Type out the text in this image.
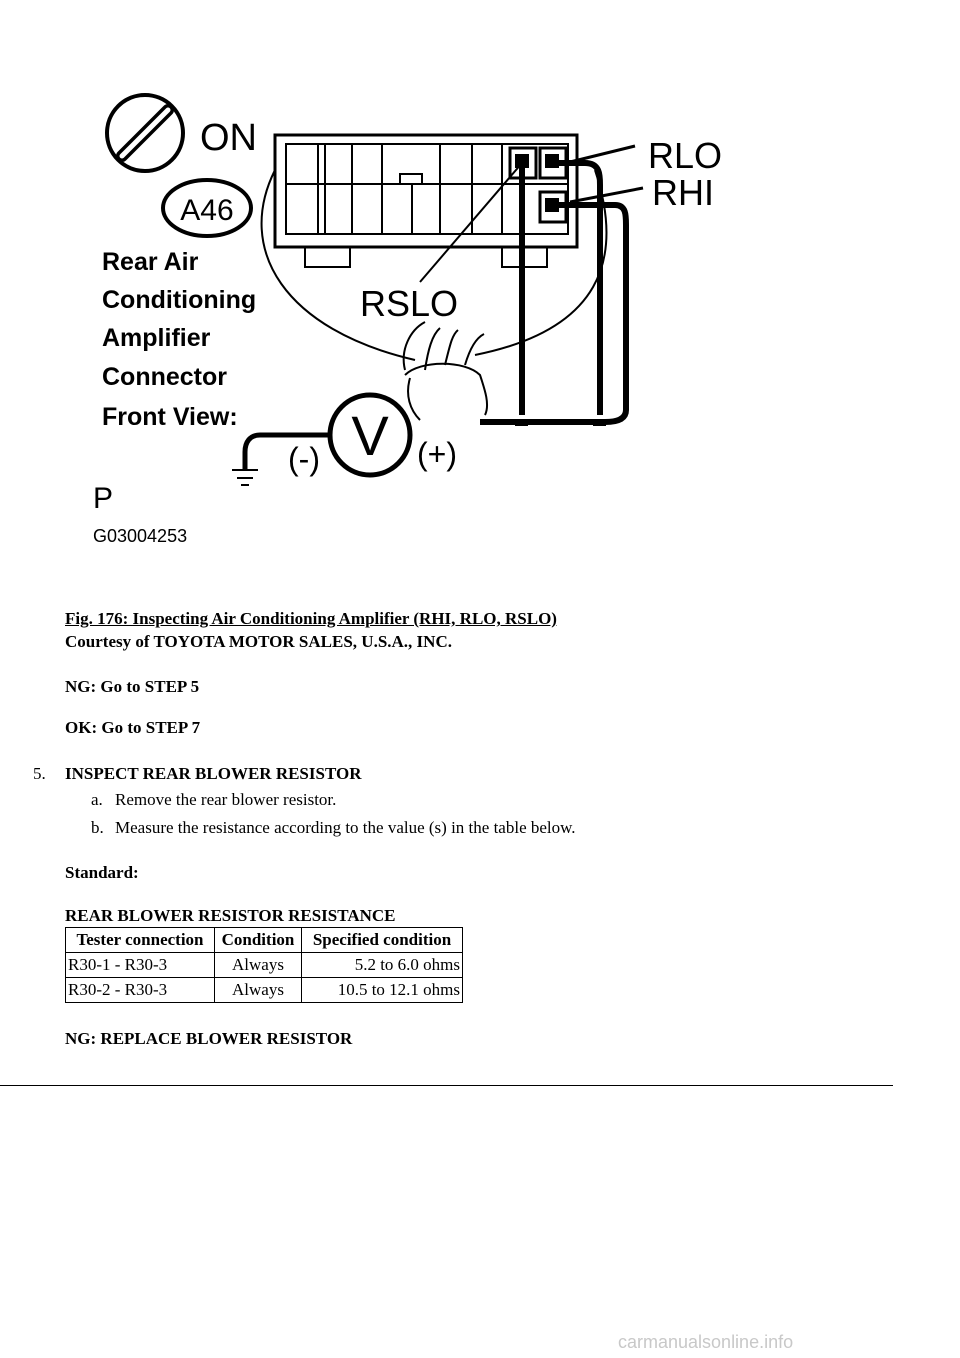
ON
A46
Rear Air
Conditioning
Amplifier
Connector
Front View:
RLO
RHI
RSLO
V
(-)	(+)
P
G03004253
Fig. 176: Inspecting Air Conditioning Amplifier (RHI, RLO, RSLO)
Courtesy of TOYOTA MOTOR SALES, U.S.A., INC.
NG: Go to STEP 5
OK: Go to STEP 7
5. INSPECT REAR BLOWER RESISTOR
a. Remove the rear blower resistor.
b. Measure the resistance according to the value (s) in the table below.
Standard:
REAR BLOWER RESISTOR RESISTANCE
Tester connection	Condition	Specified condition
R30-1 - R30-3	Always	5.2 to 6.0 ohms
R30-2 - R30-3	Always	10.5 to 12.1 ohms
NG: REPLACE BLOWER RESISTOR
carmanualsonline.info
